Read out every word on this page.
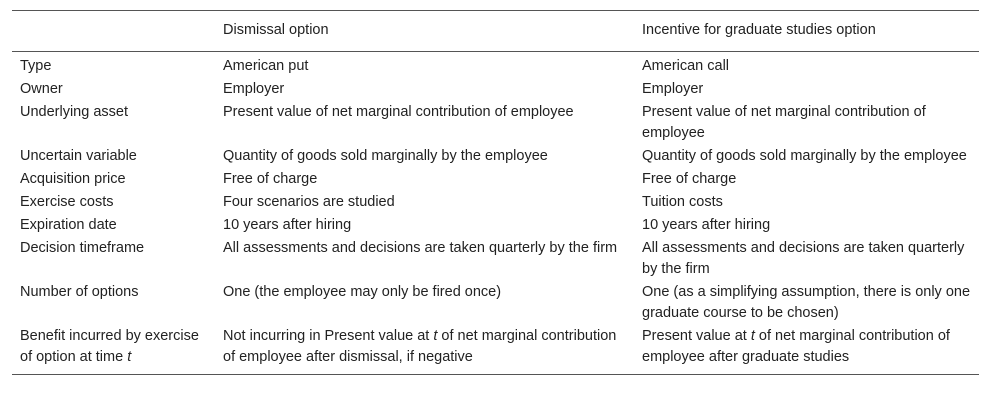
	Dismissal option	Incentive for graduate studies option
Type	American put	American call
Owner	Employer	Employer
Underlying asset	Present value of net marginal contribution of employee	Present value of net marginal contribution of employee
Uncertain variable	Quantity of goods sold marginally by the employee	Quantity of goods sold marginally by the employee
Acquisition price	Free of charge	Free of charge
Exercise costs	Four scenarios are studied	Tuition costs
Expiration date	10 years after hiring	10 years after hiring
Decision timeframe	All assessments and decisions are taken quarterly by the firm	All assessments and decisions are taken quarterly by the firm
Number of options	One (the employee may only be fired once)	One (as a simplifying assumption, there is only one graduate course to be chosen)
Benefit incurred by exercise of option at time t	Not incurring in Present value at t of net marginal contribution of employee after dismissal, if negative	Present value at t of net marginal contribution of employee after graduate studies
